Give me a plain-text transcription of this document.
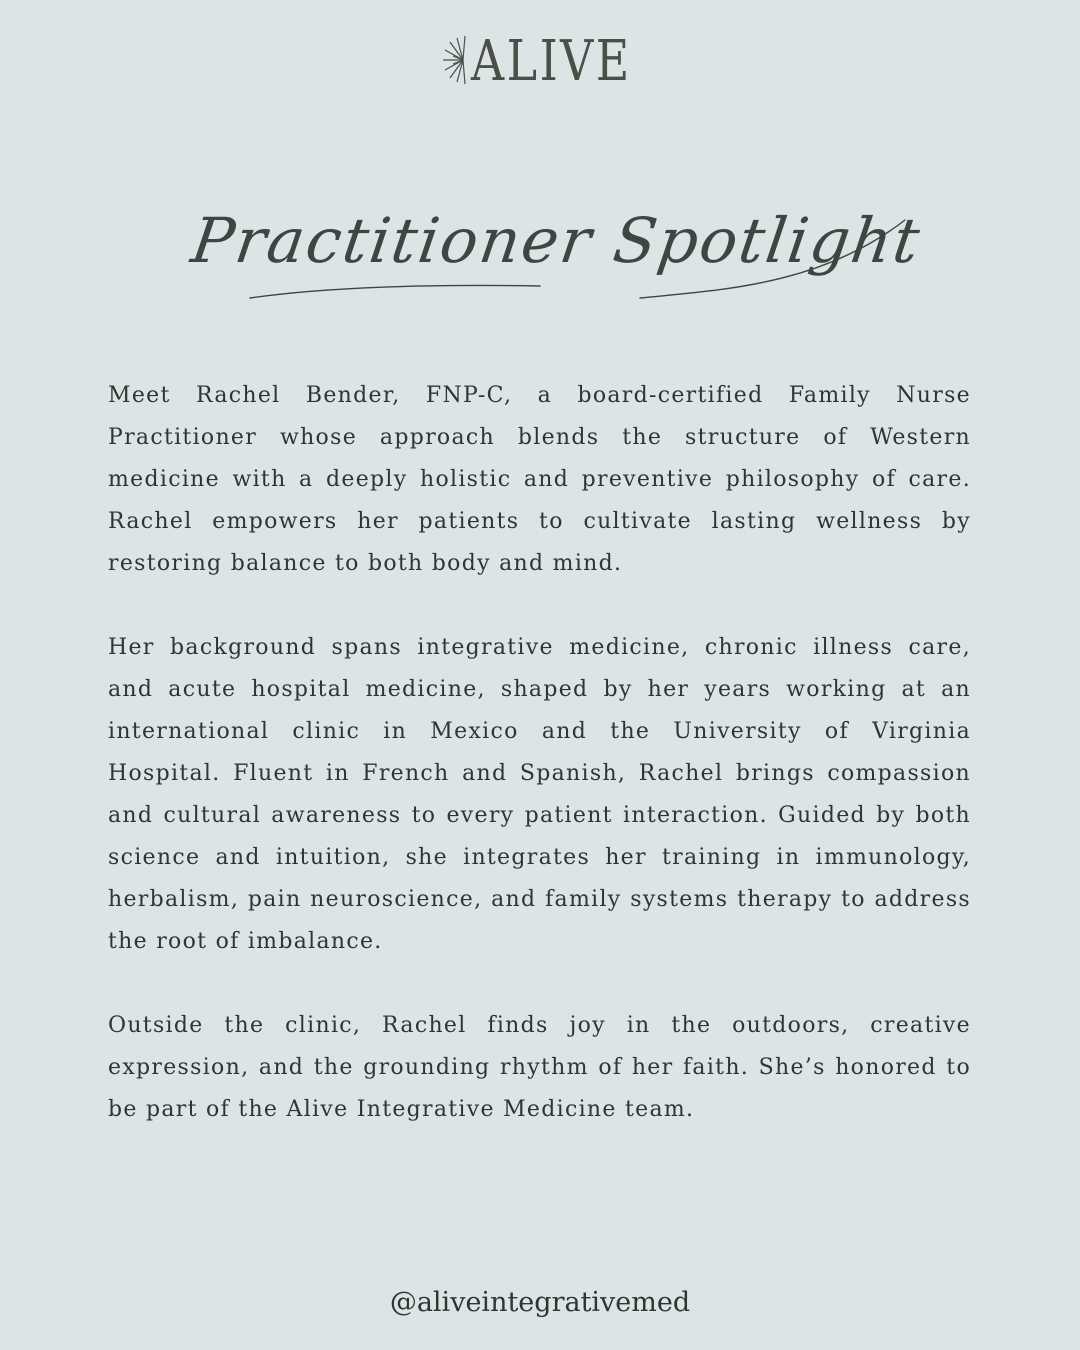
ALIVE
Practitioner Spotlight

Meet Rachel Bender, FNP-C, a board-certified Family Nurse Practitioner whose approach blends the structure of Western medicine with a deeply holistic and preventive philosophy of care. Rachel empowers her patients to cultivate lasting wellness by restoring balance to both body and mind.

Her background spans integrative medicine, chronic illness care, and acute hospital medicine, shaped by her years working at an international clinic in Mexico and the University of Virginia Hospital. Fluent in French and Spanish, Rachel brings compassion and cultural awareness to every patient interaction. Guided by both science and intuition, she integrates her training in immunology, herbalism, pain neuroscience, and family systems therapy to address the root of imbalance.

Outside the clinic, Rachel finds joy in the outdoors, creative expression, and the grounding rhythm of her faith. She’s honored to be part of the Alive Integrative Medicine team.

@aliveintegrativemed
